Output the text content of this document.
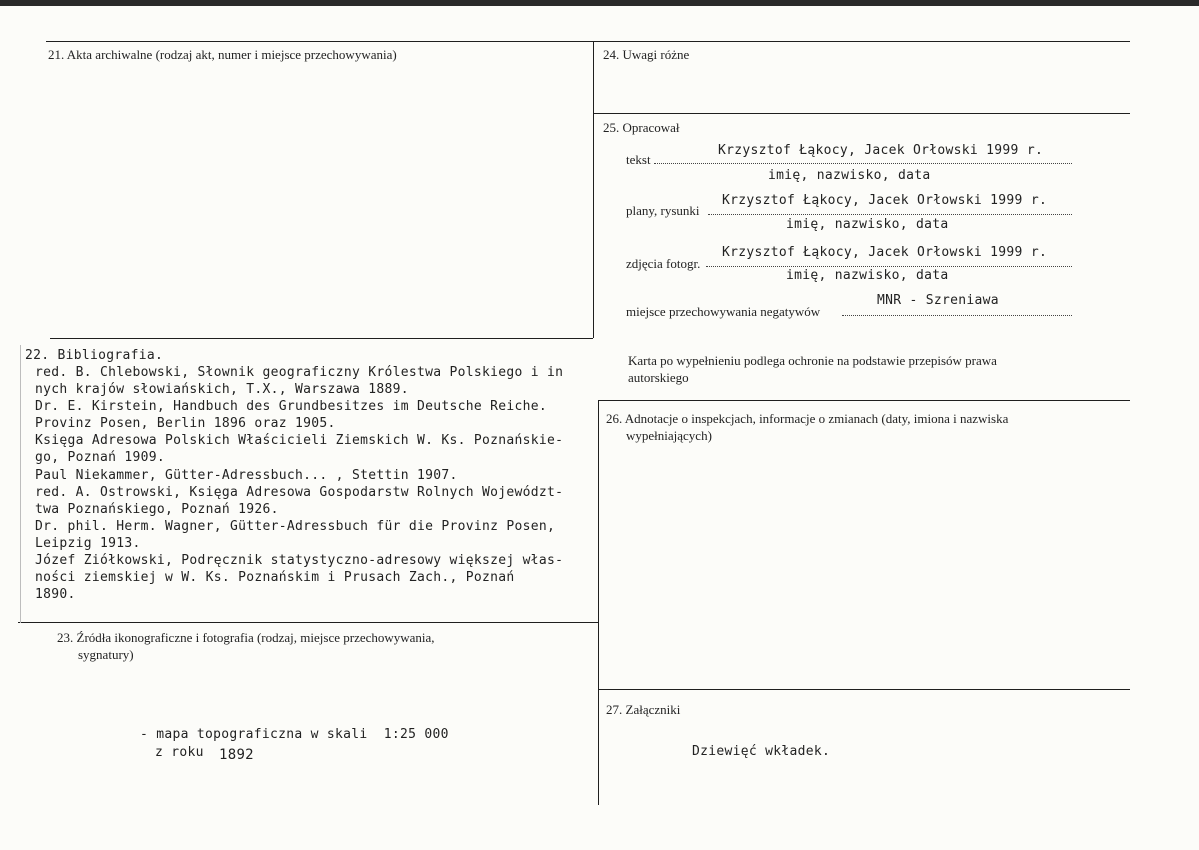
21. Akta archiwalne (rodzaj akt, numer i miejsce przechowywania)	24. Uwagi różne
25. Opracował
tekst
Krzysztof Łąkocy, Jacek Orłowski 1999 r.
imię, nazwisko, data
plany, rysunki
Krzysztof Łąkocy, Jacek Orłowski 1999 r.
imię, nazwisko, data
zdjęcia fotogr.
Krzysztof Łąkocy, Jacek Orłowski 1999 r.
imię, nazwisko, data
miejsce przechowywania negatywów
MNR - Szreniawa
Karta po wypełnieniu podlega ochronie na podstawie przepisów prawa
autorskiego
22. Bibliografia.
red. B. Chlebowski, Słownik geograficzny Królestwa Polskiego i in
nych krajów słowiańskich, T.X., Warszawa 1889.
Dr. E. Kirstein, Handbuch des Grundbesitzes im Deutsche Reiche.
Provinz Posen, Berlin 1896 oraz 1905.
Księga Adresowa Polskich Właścicieli Ziemskich W. Ks. Poznańskie-
go, Poznań 1909.
Paul Niekammer, Gütter-Adressbuch... , Stettin 1907.
red. A. Ostrowski, Księga Adresowa Gospodarstw Rolnych Województ-
twa Poznańskiego, Poznań 1926.
Dr. phil. Herm. Wagner, Gütter-Adressbuch für die Provinz Posen,
Leipzig 1913.
Józef Ziółkowski, Podręcznik statystyczno-adresowy większej włas-
ności ziemskiej w W. Ks. Poznańskim i Prusach Zach., Poznań
1890.
26. Adnotacje o inspekcjach, informacje o zmianach (daty, imiona i nazwiska
wypełniających)
23. Źródła ikonograficzne i fotografia (rodzaj, miejsce przechowywania,
sygnatury)
- mapa topograficzna w skali  1:25 000
z roku 1892
27. Załączniki
Dziewięć wkładek.
